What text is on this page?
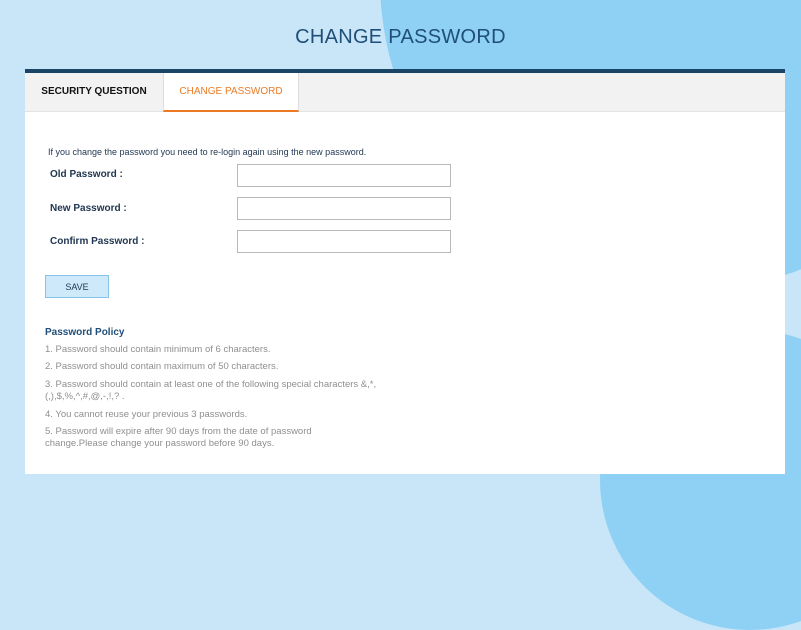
CHANGE PASSWORD
SECURITY QUESTION	CHANGE PASSWORD
If you change the password you need to re-login again using the new password.
Old Password :
New Password :
Confirm Password :
SAVE
Password Policy
1. Password should contain minimum of 6 characters.
2. Password should contain maximum of 50 characters.
3. Password should contain at least one of the following special characters &,*,(,),$,%,^,#,@,-,!,? .
4. You cannot reuse your previous 3 passwords.
5. Password will expire after 90 days from the date of password change.Please change your password before 90 days.
